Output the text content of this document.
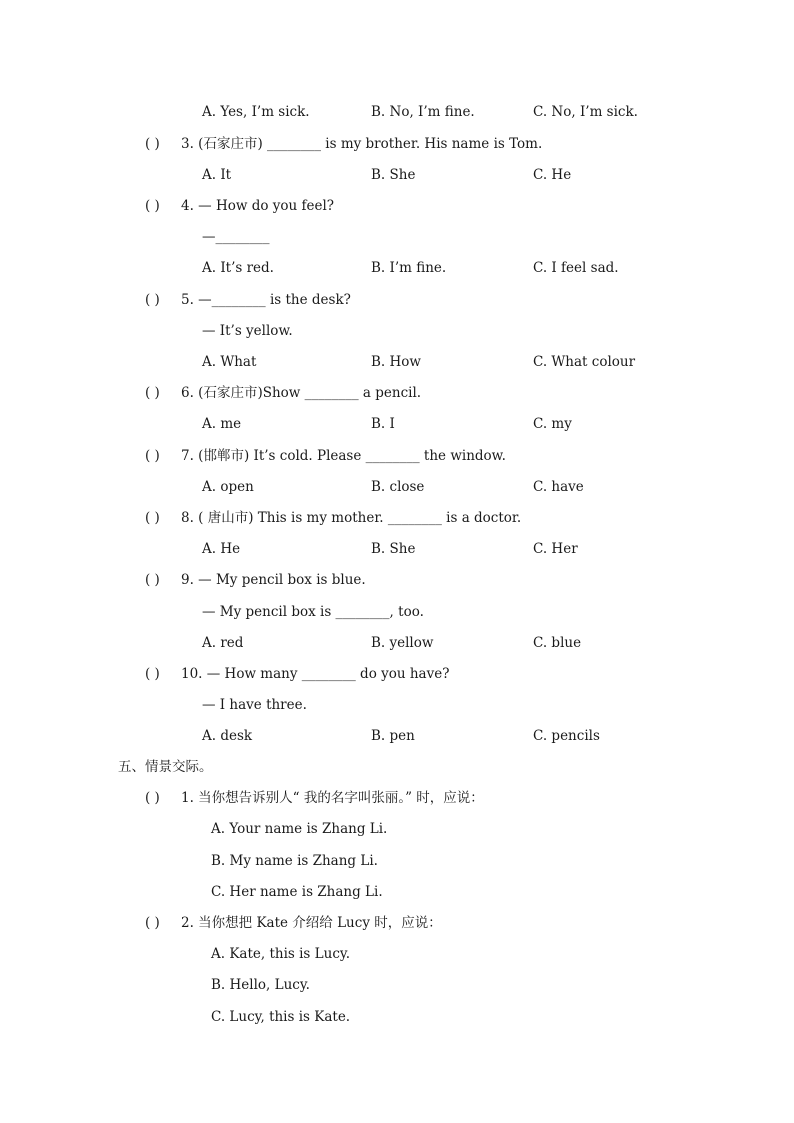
A. Yes, I’m sick.	B. No, I’m fine.	C. No, I’m sick.
( )	3. (石家庄市) ________ is my brother. His name is Tom.
A. It	B. She	C. He
( )	4. — How do you feel?
—________
A. It’s red.	B. I’m fine.	C. I feel sad.
( )	5. —________ is the desk?
— It’s yellow.
A. What	B. How	C. What colour
( )	6. (石家庄市)Show ________ a pencil.
A. me	B. I	C. my
( )	7. (邯郸市) It’s cold. Please ________ the window.
A. open	B. close	C. have
( )	8. ( 唐山市) This is my mother. ________ is a doctor.
A. He	B. She	C. Her
( )	9. — My pencil box is blue.
— My pencil box is ________, too.
A. red	B. yellow	C. blue
( )	10. — How many ________ do you have?
— I have three.
A. desk	B. pen	C. pencils
五、情景交际。
( )	1. 当你想告诉别人“ 我的名字叫张丽。” 时，应说：
A. Your name is Zhang Li.
B. My name is Zhang Li.
C. Her name is Zhang Li.
( )	2. 当你想把 Kate 介绍给 Lucy 时，应说：
A. Kate, this is Lucy.
B. Hello, Lucy.
C. Lucy, this is Kate.
